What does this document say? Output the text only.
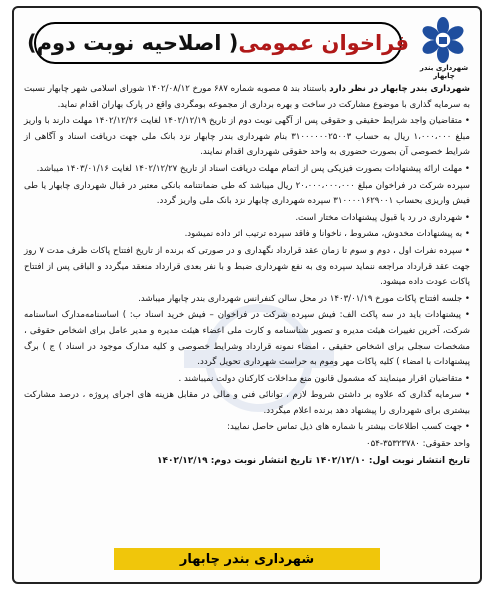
شهرداری بندر چابهار
فراخوان عمومی
( اصلاحیه نوبت دوم)

شهرداری بندر چابهار در نظر دارد باستناد بند ۵ مصوبه شماره ۶۸۷ مورخ ۱۴۰۲/۰۸/۱۲ شورای اسلامی شهر چابهار نسبت به سرمایه گذاری با موضوع مشارکت در ساخت و بهره برداری از مجموعه بومگردی واقع در پارک بهاران اقدام نماید.

• متقاضیان واجد شرایط حقیقی و حقوقی پس از آگهی نوبت دوم از تاریخ ۱۴۰۲/۱۲/۱۹ لغایت ۱۴۰۲/۱۲/۲۶ مهلت دارند با واریز مبلغ ۱،۰۰۰،۰۰۰ ریال به حساب ۳۱۰۰۰۰۰۰۲۵۰۰۳ بنام شهرداری بندر چابهار نزد بانک ملی جهت دریافت اسناد و آگاهی از شرایط خصوصی آن بصورت حضوری به واحد حقوقی شهرداری اقدام نمایند.

• مهلت ارائه پیشنهادات بصورت فیزیکی پس از اتمام مهلت دریافت اسناد از تاریخ ۱۴۰۲/۱۲/۲۷ لغایت ۱۴۰۳/۰۱/۱۶ میباشد.

سپرده شرکت در فراخوان مبلغ ۲۰،۰۰۰،۰۰۰،۰۰۰ ریال میباشد که طی ضمانتنامه بانکی معتبر در قبال شهرداری چابهار یا طی فیش واریزی بحساب ۳۱۰۰۰۰۱۶۲۹۰۰۱ سپرده شهرداری چابهار نزد بانک ملی واریز گردد.

• شهرداری در رد یا قبول پیشنهادات مختار است.

• به پیشنهادات مخدوش، مشروط ، ناخوانا و فاقد سپرده ترتیب اثر داده نمیشود.

• سپرده نفرات اول ، دوم و سوم تا زمان عقد قرارداد نگهداری و در صورتی که برنده از تاریخ افتتاح پاکات ظرف مدت ۷ روز جهت عقد قرارداد مراجعه ننماید سپرده وی به نفع شهرداری ضبط و با نفر بعدی قرارداد منعقد میگردد و الباقی پس از افتتاح پاکات عودت داده میشود.

• جلسه افتتاح پاکات مورخ ۱۴۰۳/۰۱/۱۹ در محل سالن کنفرانس شهرداری بندر چابهار میباشد.

• پیشنهادات باید در سه پاکت الف: فیش سپرده شرکت در فراخوان – فیش خرید اسناد ب: ) اساسنامه‌مدارک اساسنامه شرکت، آخرین تغییرات هیئت مدیره و تصویر شناسنامه و کارت ملی اعضاء هیئت مدیره و مدیر عامل برای اشخاص حقوقی ، مشخصات سجلی برای اشخاص حقیقی ، امضاء نمونه قرارداد وشرایط خصوصی و کلیه مدارک موجود در اسناد ) ج ) برگ پیشنهادات با امضاء ) کلیه پاکات مهر وموم به حراست شهرداری تحویل گردد.

• متقاضیان اقرار مینمایند که مشمول قانون منع مداخلات کارکنان دولت نمیباشند .

• سرمایه گذاری که علاوه بر داشتن شروط لازم ، توانائی فنی و مالی در مقابل هزینه های اجرای پروژه ، درصد مشارکت بیشتری برای شهرداری را پیشنهاد دهد برنده اعلام میگردد.

• جهت کسب اطلاعات بیشتر با شماره های ذیل تماس حاصل نمایید:

واحد حقوقی: ۳۵۳۲۳۷۸۰-۰۵۴

تاریخ انتشار نوبت اول: ۱۴۰۲/۱۲/۱۰ تاریخ انتشار نوبت دوم: ۱۴۰۲/۱۲/۱۹

شهرداری بندر چابهار
